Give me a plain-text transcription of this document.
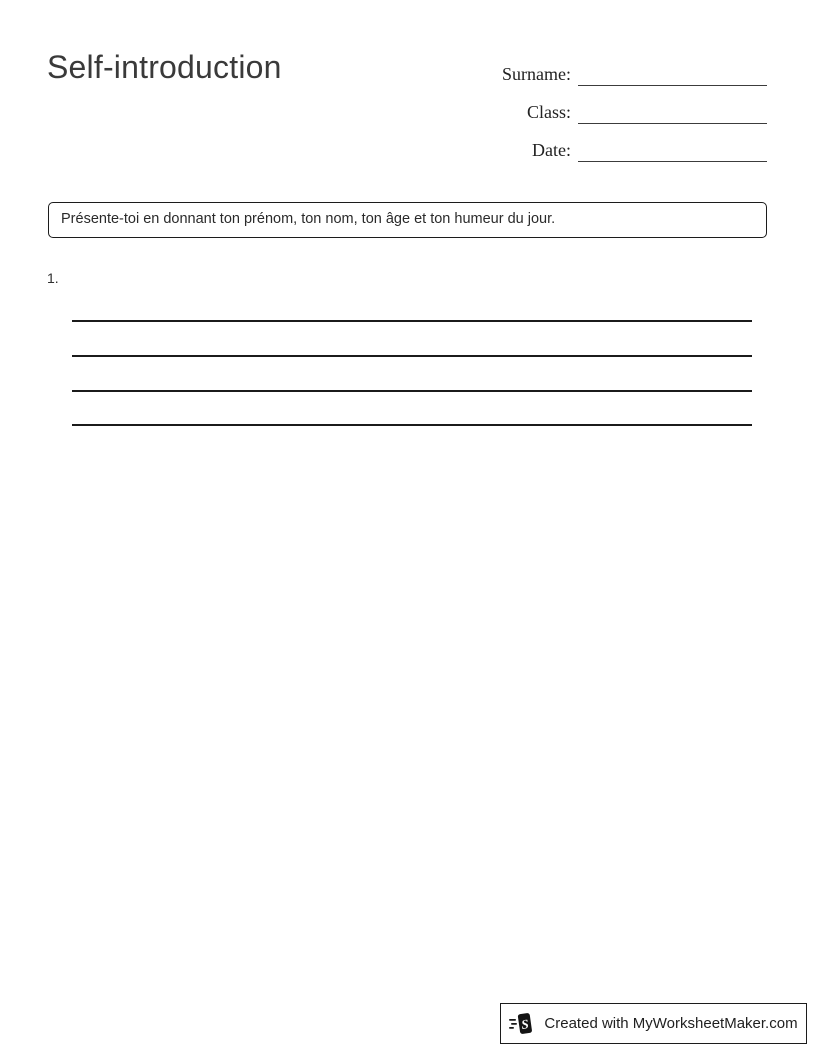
Self-introduction	Surname:
Class:
Date:
Présente-toi en donnant ton prénom, ton nom, ton âge et ton humeur du jour.
1.
S Created with MyWorksheetMaker.com
